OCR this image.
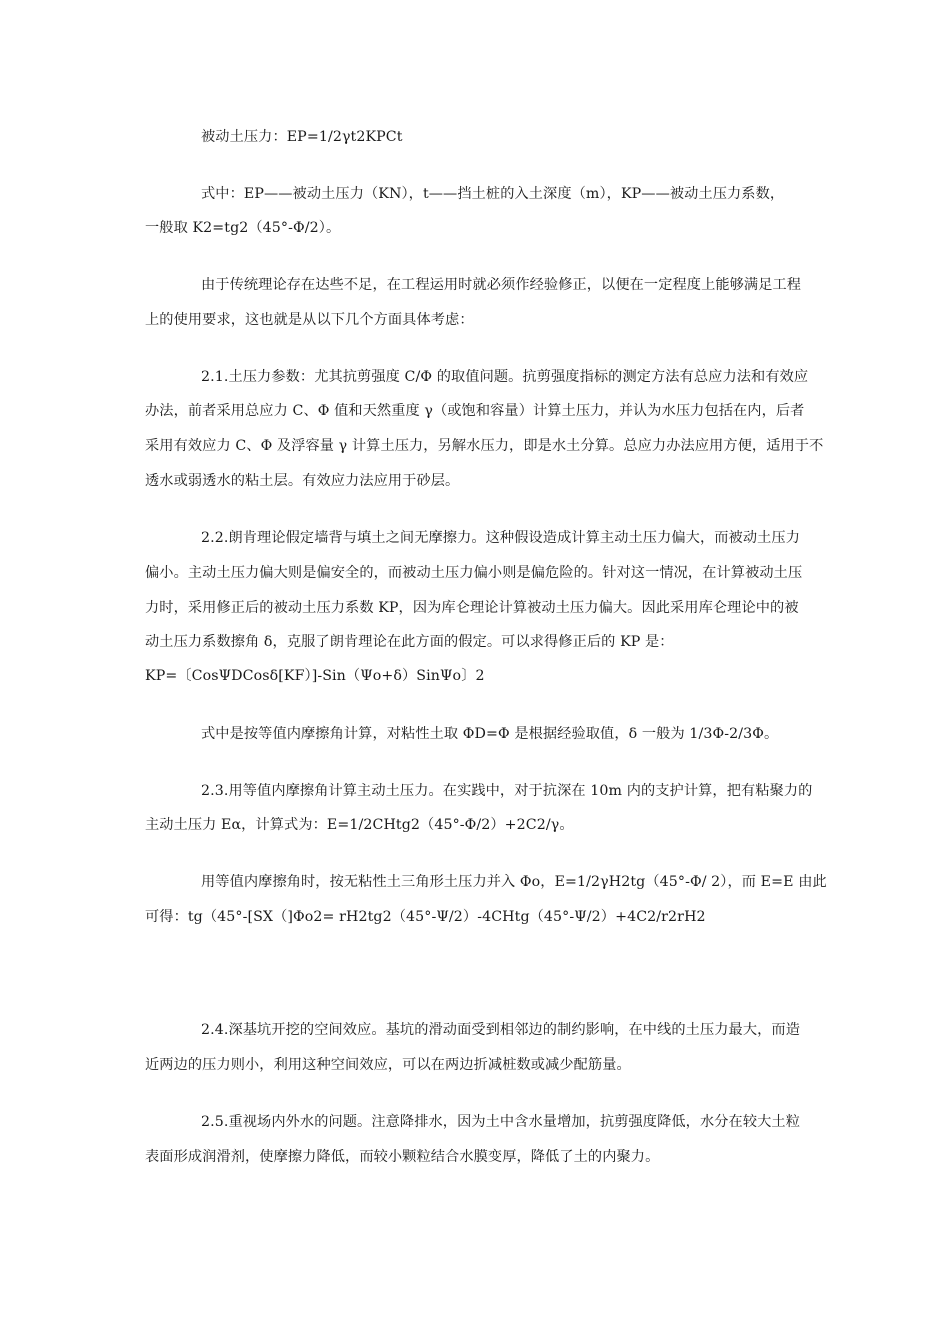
被动土压力：EP=1/2γt2KPCt
式中：EP——被动土压力（KN），t——挡土桩的入土深度（m），KP——被动土压力系数，
一般取 K2=tg2（45°-Φ/2）。
由于传统理论存在达些不足，在工程运用时就必须作经验修正，以便在一定程度上能够满足工程
上的使用要求，这也就是从以下几个方面具体考虑：
2.1.土压力参数：尤其抗剪强度 C/Φ 的取值问题。抗剪强度指标的测定方法有总应力法和有效应
办法，前者采用总应力 C、Φ 值和天然重度 γ（或饱和容量）计算土压力，并认为水压力包括在内，后者
采用有效应力 C、Φ 及浮容量 γ 计算土压力，另解水压力，即是水土分算。总应力办法应用方便，适用于不
透水或弱透水的粘土层。有效应力法应用于砂层。
2.2.朗肯理论假定墙背与填土之间无摩擦力。这种假设造成计算主动土压力偏大，而被动土压力
偏小。主动土压力偏大则是偏安全的，而被动土压力偏小则是偏危险的。针对这一情况，在计算被动土压
力时，采用修正后的被动土压力系数 KP，因为库仑理论计算被动土压力偏大。因此采用库仑理论中的被
动土压力系数擦角 δ，克服了朗肯理论在此方面的假定。可以求得修正后的 KP 是：
KP=〔CosΨDCosδ[KF）]-Sin（Ψo+δ）SinΨo〕2
式中是按等值内摩擦角计算，对粘性土取 ΦD=Φ 是根据经验取值，δ 一般为 1/3Φ-2/3Φ。
2.3.用等值内摩擦角计算主动土压力。在实践中，对于抗深在 10m 内的支护计算，把有粘聚力的
主动土压力 Eα，计算式为：E=1/2CHtg2（45°-Φ/2）+2C2/γ。
用等值内摩擦角时，按无粘性土三角形土压力并入 Φo，E=1/2γH2tg（45°-Φ/ 2），而 E=E 由此
可得：tg（45°-[SX（]Φo2= rH2tg2（45°-Ψ/2）-4CHtg（45°-Ψ/2）+4C2/r2rH2
2.4.深基坑开挖的空间效应。基坑的滑动面受到相邻边的制约影响，在中线的土压力最大，而造
近两边的压力则小，利用这种空间效应，可以在两边折减桩数或减少配筋量。
2.5.重视场内外水的问题。注意降排水，因为土中含水量增加，抗剪强度降低，水分在较大土粒
表面形成润滑剂，使摩擦力降低，而较小颗粒结合水膜变厚，降低了土的内聚力。
